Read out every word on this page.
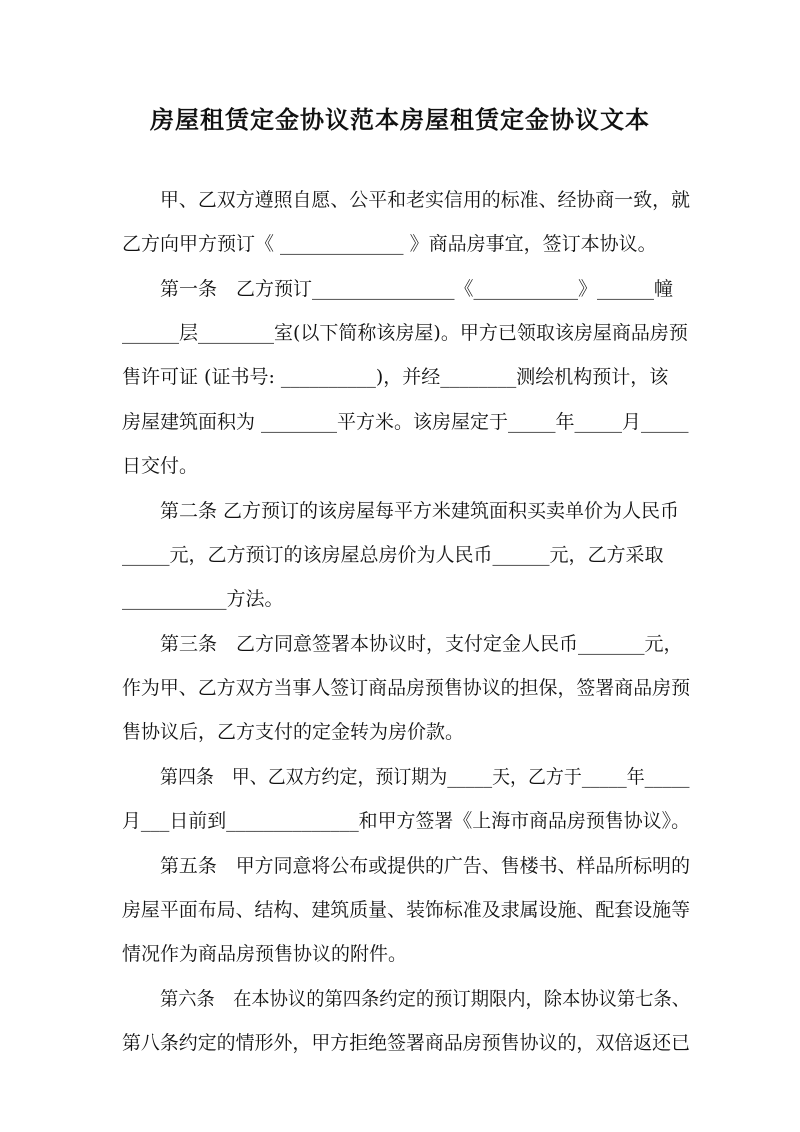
房屋租赁定金协议范本房屋租赁定金协议文本
甲、乙双方遵照自愿、公平和老实信用的标准、经协商一致，就
乙方向甲方预订《 _____________ 》商品房事宜，签订本协议。
第一条　乙方预订_______________《___________》______幢
______层________室(以下简称该房屋)。甲方已领取该房屋商品房预
售许可证 (证书号: __________)，并经________测绘机构预计，该
房屋建筑面积为 ________平方米。该房屋定于_____年_____月_____
日交付。
第二条 乙方预订的该房屋每平方米建筑面积买卖单价为人民币
_____元，乙方预订的该房屋总房价为人民币______元，乙方采取
___________方法。
第三条　乙方同意签署本协议时，支付定金人民币_______元，
作为甲、乙方双方当事人签订商品房预售协议的担保，签署商品房预
售协议后，乙方支付的定金转为房价款。
第四条　甲、乙双方约定，预订期为_____天，乙方于_____年_____
月___日前到______________和甲方签署《上海市商品房预售协议》。
第五条　甲方同意将公布或提供的广告、售楼书、样品所标明的
房屋平面布局、结构、建筑质量、装饰标准及隶属设施、配套设施等
情况作为商品房预售协议的附件。
第六条　在本协议的第四条约定的预订期限内，除本协议第七条、
第八条约定的情形外，甲方拒绝签署商品房预售协议的，双倍返还已
